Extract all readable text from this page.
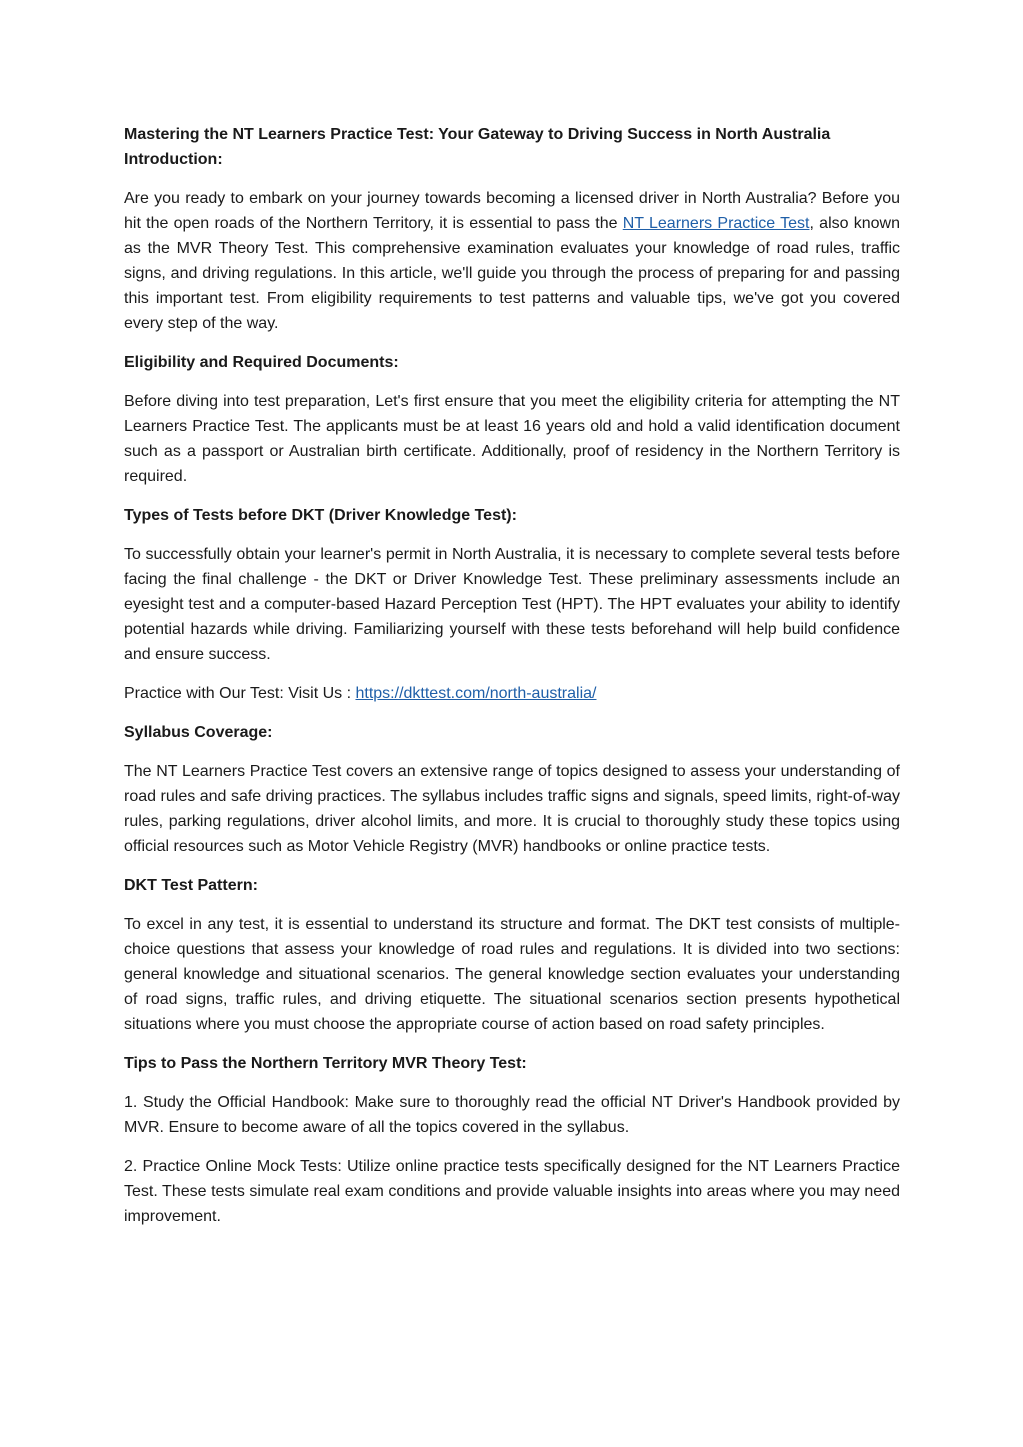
Mastering the NT Learners Practice Test: Your Gateway to Driving Success in North Australia
Introduction:

Are you ready to embark on your journey towards becoming a licensed driver in North Australia? Before you hit the open roads of the Northern Territory, it is essential to pass the NT Learners Practice Test, also known as the MVR Theory Test. This comprehensive examination evaluates your knowledge of road rules, traffic signs, and driving regulations. In this article, we'll guide you through the process of preparing for and passing this important test. From eligibility requirements to test patterns and valuable tips, we've got you covered every step of the way.

Eligibility and Required Documents:

Before diving into test preparation, Let's first ensure that you meet the eligibility criteria for attempting the NT Learners Practice Test. The applicants must be at least 16 years old and hold a valid identification document such as a passport or Australian birth certificate. Additionally, proof of residency in the Northern Territory is required.

Types of Tests before DKT (Driver Knowledge Test):

To successfully obtain your learner's permit in North Australia, it is necessary to complete several tests before facing the final challenge - the DKT or Driver Knowledge Test. These preliminary assessments include an eyesight test and a computer-based Hazard Perception Test (HPT). The HPT evaluates your ability to identify potential hazards while driving. Familiarizing yourself with these tests beforehand will help build confidence and ensure success.

Practice with Our Test: Visit Us : https://dkttest.com/north-australia/

Syllabus Coverage:

The NT Learners Practice Test covers an extensive range of topics designed to assess your understanding of road rules and safe driving practices. The syllabus includes traffic signs and signals, speed limits, right-of-way rules, parking regulations, driver alcohol limits, and more. It is crucial to thoroughly study these topics using official resources such as Motor Vehicle Registry (MVR) handbooks or online practice tests.

DKT Test Pattern:

To excel in any test, it is essential to understand its structure and format. The DKT test consists of multiple-choice questions that assess your knowledge of road rules and regulations. It is divided into two sections: general knowledge and situational scenarios. The general knowledge section evaluates your understanding of road signs, traffic rules, and driving etiquette. The situational scenarios section presents hypothetical situations where you must choose the appropriate course of action based on road safety principles.

Tips to Pass the Northern Territory MVR Theory Test:

1. Study the Official Handbook: Make sure to thoroughly read the official NT Driver's Handbook provided by MVR. Ensure to become aware of all the topics covered in the syllabus.

2. Practice Online Mock Tests: Utilize online practice tests specifically designed for the NT Learners Practice Test. These tests simulate real exam conditions and provide valuable insights into areas where you may need improvement.
